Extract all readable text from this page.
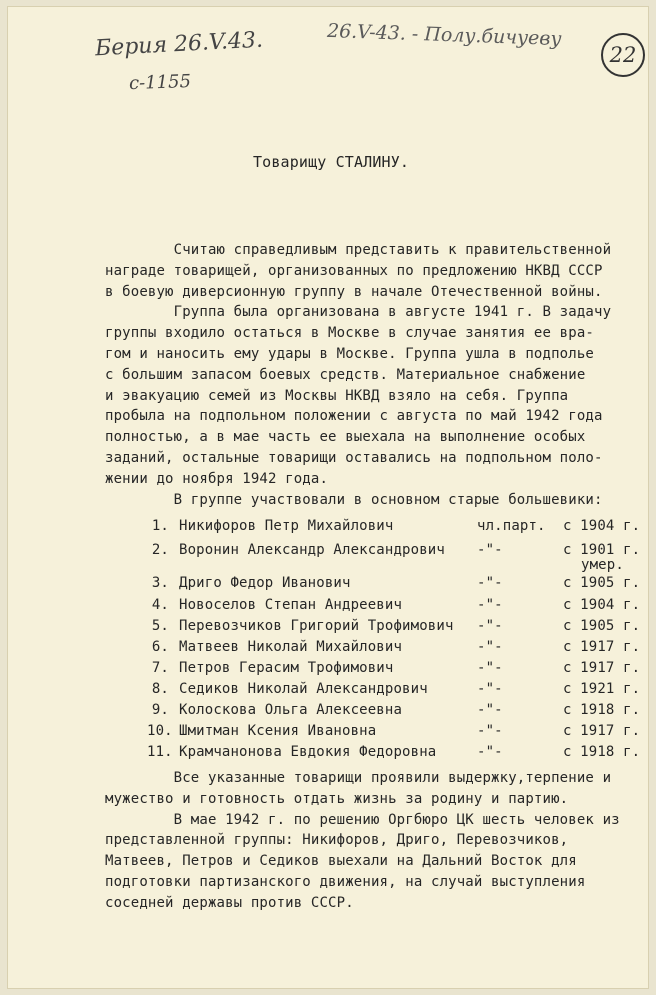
Берия 26.V.43.
с-1155
26.V-43. - Полу.бичуеву
22
Товарищу СТАЛИНУ.
Считаю справедливым представить к правительственной
награде товарищей, организованных по предложению НКВД СССР
в боевую диверсионную группу в начале Отечественной войны.
Группа была организована в августе 1941 г. В задачу
группы входило остаться в Москве в случае занятия ее вра-
гом и наносить ему удары в Москве. Группа ушла в подполье
с большим запасом боевых средств. Материальное снабжение
и эвакуацию семей из Москвы НКВД взяло на себя. Группа
пробыла на подпольном положении с августа по май 1942 года
полностью, а в мае часть ее выехала на выполнение особых
заданий, остальные товарищи оставались на подпольном поло-
жении до ноября 1942 года.
В группе участвовали в основном старые большевики:
1. Никифоров Петр Михайлович	чл.парт. с 1904 г.
2. Воронин Александр Александрович -"-	с 1901 г.
умер.
3. Дриго Федор Иванович	-"-	с 1905 г.
4. Новоселов Степан Андреевич	-"-	с 1904 г.
5. Перевозчиков Григорий Трофимович -"-	с 1905 г.
6. Матвеев Николай Михайлович	-"-	с 1917 г.
7. Петров Герасим Трофимович	-"-	с 1917 г.
8. Седиков Николай Александрович	-"-	с 1921 г.
9. Колоскова Ольга Алексеевна	-"-	с 1918 г.
10. Шмитман Ксения Ивановна	-"-	с 1917 г.
11. Крамчанонова Евдокия Федоровна	-"-	с 1918 г.
Все указанные товарищи проявили выдержку,терпение и
мужество и готовность отдать жизнь за родину и партию.
В мае 1942 г. по решению Оргбюро ЦК шесть человек из
представленной группы: Никифоров, Дриго, Перевозчиков,
Матвеев, Петров и Седиков выехали на Дальний Восток для
подготовки партизанского движения, на случай выступления
соседней державы против СССР.
